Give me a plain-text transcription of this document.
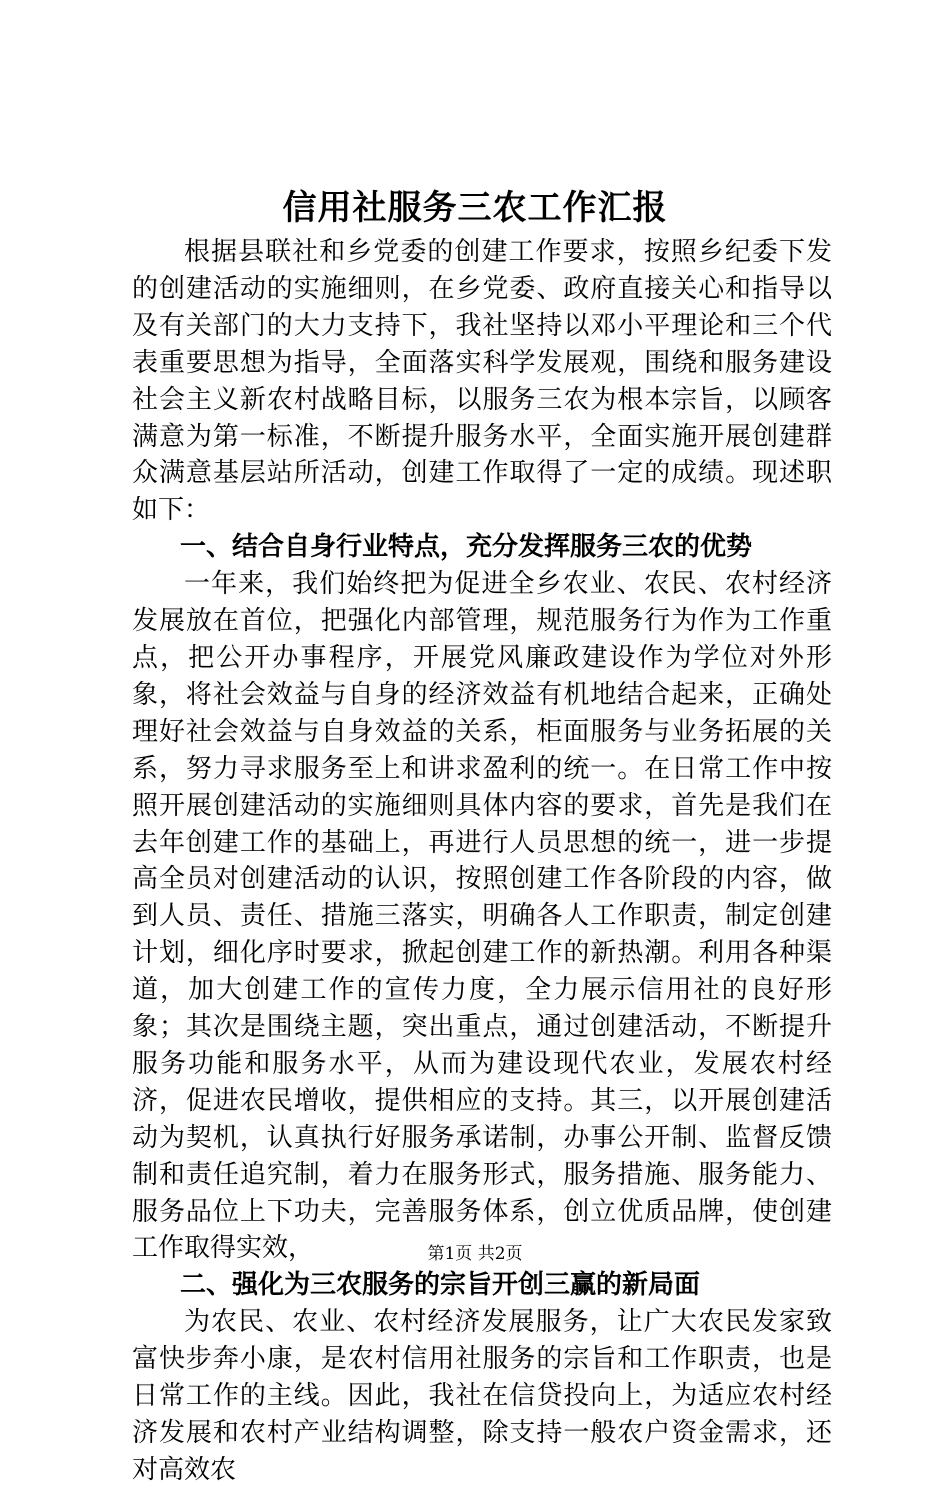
信用社服务三农工作汇报

根据县联社和乡党委的创建工作要求，按照乡纪委下发的创建活动的实施细则，在乡党委、政府直接关心和指导以及有关部门的大力支持下，我社坚持以邓小平理论和三个代表重要思想为指导，全面落实科学发展观，围绕和服务建设社会主义新农村战略目标，以服务三农为根本宗旨，以顾客满意为第一标准，不断提升服务水平，全面实施开展创建群众满意基层站所活动，创建工作取得了一定的成绩。现述职如下：

一、结合自身行业特点，充分发挥服务三农的优势

一年来，我们始终把为促进全乡农业、农民、农村经济发展放在首位，把强化内部管理，规范服务行为作为工作重点，把公开办事程序，开展党风廉政建设作为学位对外形象，将社会效益与自身的经济效益有机地结合起来，正确处理好社会效益与自身效益的关系，柜面服务与业务拓展的关系，努力寻求服务至上和讲求盈利的统一。在日常工作中按照开展创建活动的实施细则具体内容的要求，首先是我们在去年创建工作的基础上，再进行人员思想的统一，进一步提高全员对创建活动的认识，按照创建工作各阶段的内容，做到人员、责任、措施三落实，明确各人工作职责，制定创建计划，细化序时要求，掀起创建工作的新热潮。利用各种渠道，加大创建工作的宣传力度，全力展示信用社的良好形象；其次是围绕主题，突出重点，通过创建活动，不断提升服务功能和服务水平，从而为建设现代农业，发展农村经济，促进农民增收，提供相应的支持。其三，以开展创建活动为契机，认真执行好服务承诺制，办事公开制、监督反馈制和责任追究制，着力在服务形式，服务措施、服务能力、服务品位上下功夫，完善服务体系，创立优质品牌，使创建工作取得实效，

二、强化为三农服务的宗旨开创三赢的新局面

为农民、农业、农村经济发展服务，让广大农民发家致富快步奔小康，是农村信用社服务的宗旨和工作职责，也是日常工作的主线。因此，我社在信贷投向上，为适应农村经济发展和农村产业结构调整，除支持一般农户资金需求，还对高效农

第1页 共2页
